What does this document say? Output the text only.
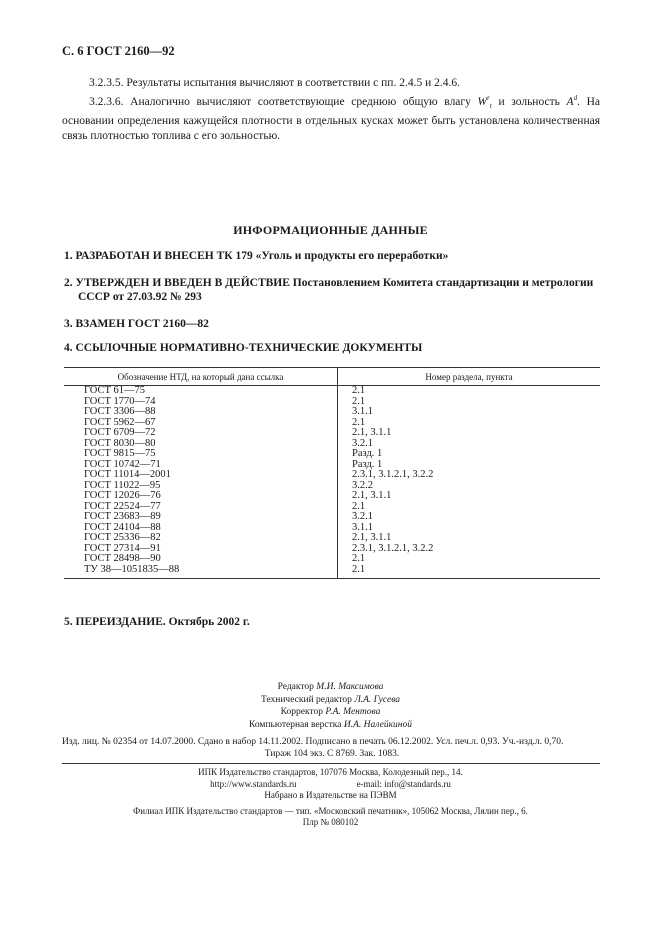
С. 6 ГОСТ 2160—92
3.2.3.5. Результаты испытания вычисляют в соответствии с пп. 2.4.5 и 2.4.6.
3.2.3.6. Аналогично вычисляют соответствующие среднюю общую влагу $W^r_t$ и зольность $A^d$. На основании определения кажущейся плотности в отдельных кусках может быть установлена количественная связь плотностью топлива с его зольностью.
ИНФОРМАЦИОННЫЕ ДАННЫЕ
1. РАЗРАБОТАН И ВНЕСЕН ТК 179 «Уголь и продукты его переработки»
2. УТВЕРЖДЕН И ВВЕДЕН В ДЕЙСТВИЕ Постановлением Комитета стандартизации и метрологии СССР от 27.03.92 № 293
3. ВЗАМЕН ГОСТ 2160—82
4. ССЫЛОЧНЫЕ НОРМАТИВНО-ТЕХНИЧЕСКИЕ ДОКУМЕНТЫ
Обозначение НТД, на который дана ссылка	Номер раздела, пункта
ГОСТ 61—75	2.1
ГОСТ 1770—74	2.1
ГОСТ 3306—88	3.1.1
ГОСТ 5962—67	2.1
ГОСТ 6709—72	2.1, 3.1.1
ГОСТ 8030—80	3.2.1
ГОСТ 9815—75	Разд. 1
ГОСТ 10742—71	Разд. 1
ГОСТ 11014—2001	2.3.1, 3.1.2.1, 3.2.2
ГОСТ 11022—95	3.2.2
ГОСТ 12026—76	2.1, 3.1.1
ГОСТ 22524—77	2.1
ГОСТ 23683—89	3.2.1
ГОСТ 24104—88	3.1.1
ГОСТ 25336—82	2.1, 3.1.1
ГОСТ 27314—91	2.3.1, 3.1.2.1, 3.2.2
ГОСТ 28498—90	2.1
ТУ 38—1051835—88	2.1
5. ПЕРЕИЗДАНИЕ. Октябрь 2002 г.
Редактор М.И. Максимова
Технический редактор Л.А. Гусева
Корректор Р.А. Ментова
Компьютерная верстка И.А. Налейкиной
Изд. лиц. № 02354 от 14.07.2000. Сдано в набор 14.11.2002. Подписано в печать 06.12.2002. Усл. печ.л. 0,93. Уч.-изд.л. 0,70.
Тираж 104 экз. С 8769. Зак. 1083.
ИПК Издательство стандартов, 107076 Москва, Колодезный пер., 14.
http://www.standards.ru	e-mail: info@standards.ru
Набрано в Издательстве на ПЭВМ
Филиал ИПК Издательство стандартов — тип. «Московский печатник», 105062 Москва, Лялин пер., 6.
Плр № 080102
